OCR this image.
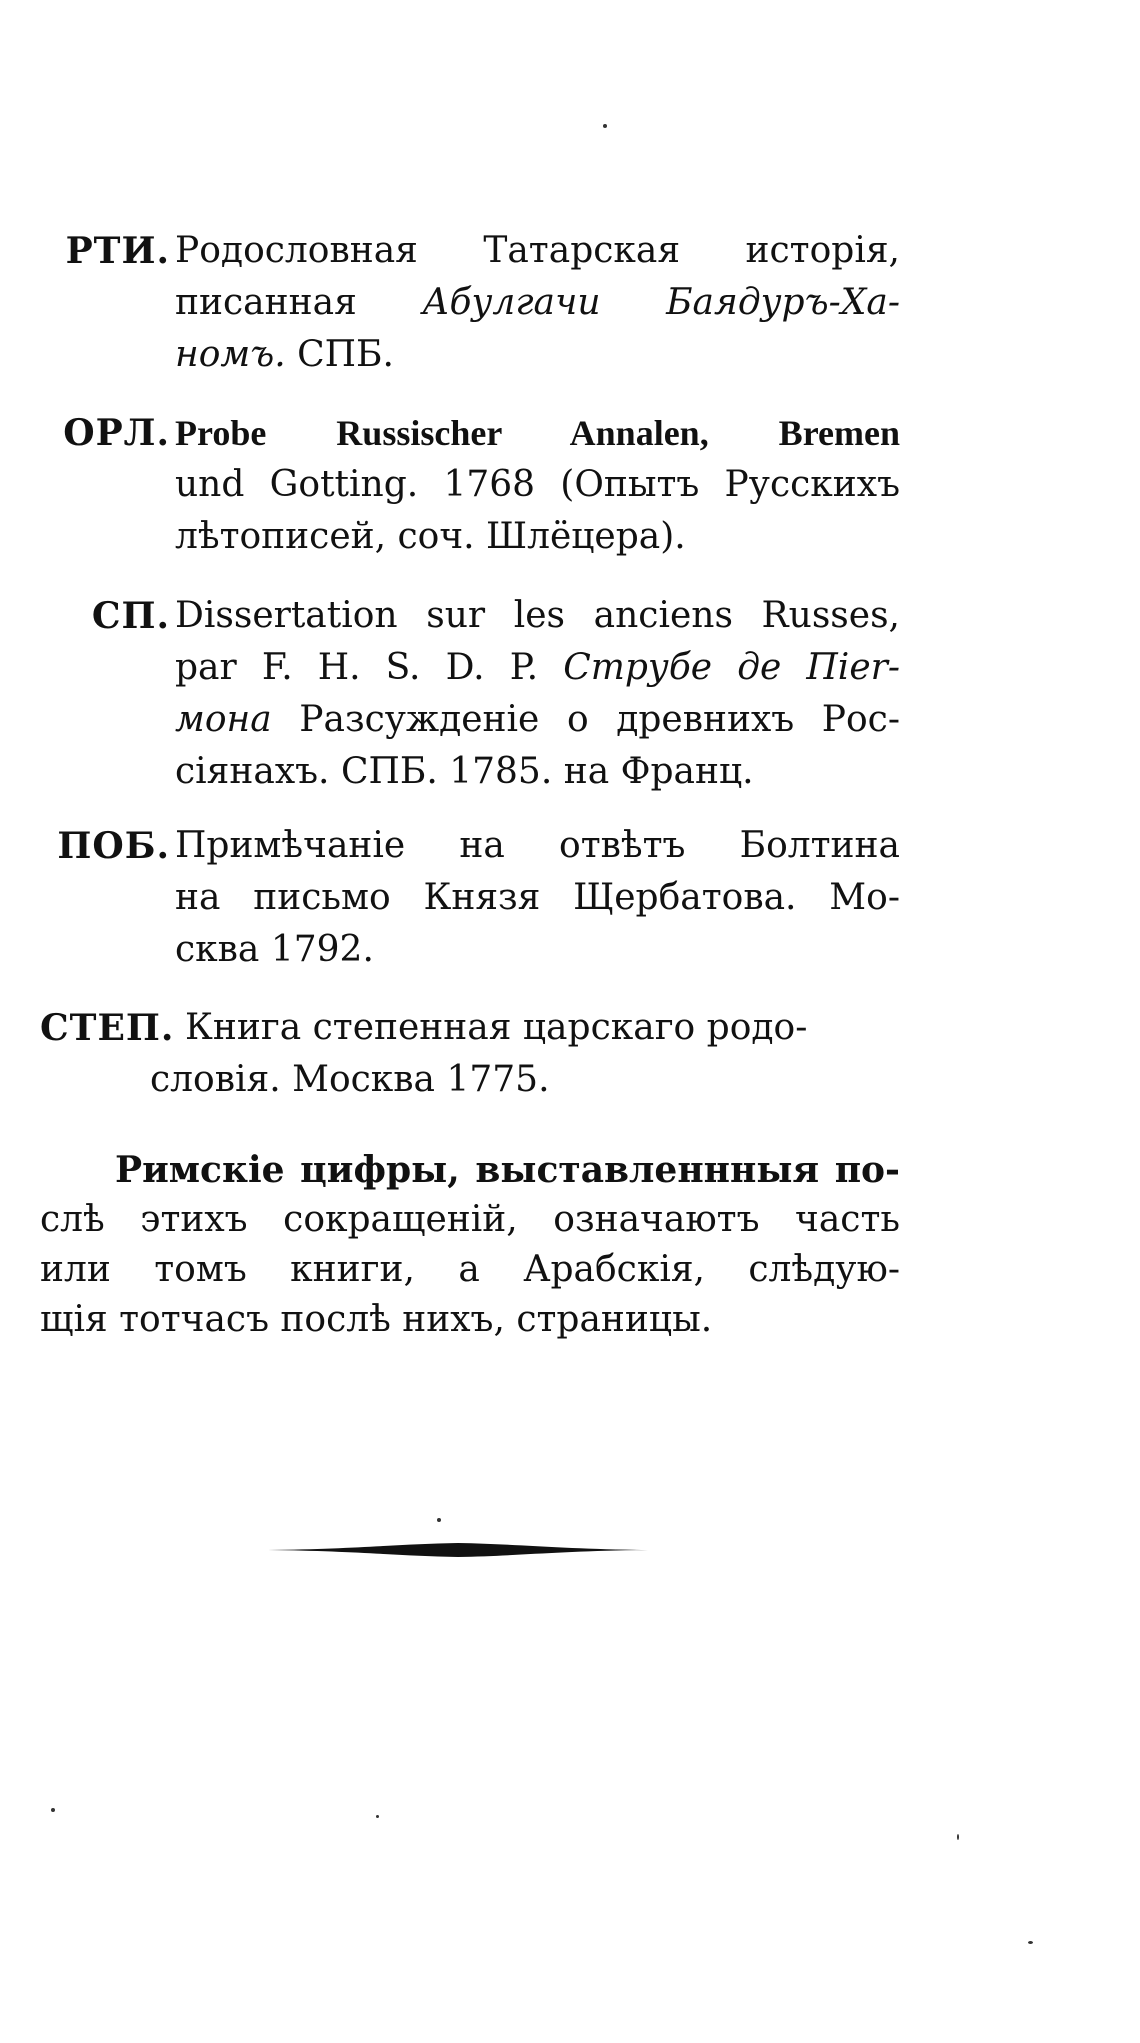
РТИ. Родословная Татарская исторія,
писанная Абулгачи Баядуръ-Ха-
номъ. СПБ.
ОРЛ. Probe Russischer Annalen, Bremen
und Gotting. 1768 (Опытъ Русскихъ
лѣтописей, соч. Шлёцера).
СП. Dissertation sur les anciens Russes,
par F. H. S. D. P. Струбе де Пier-
мона Разсужденіе о древнихъ Рос-
сіянахъ. СПБ. 1785. на Франц.
ПОБ. Примѣчаніе на отвѣтъ Болтина
на письмо Князя Щербатова. Мо-
сква 1792.
СТЕП. Книга степенная царскаго родо-
словія. Москва 1775.
Римскіе цифры, выставленнныя по-
слѣ этихъ сокращеній, означаютъ часть
или томъ книги, а Арабскія, слѣдую-
щія тотчасъ послѣ нихъ, страницы.
